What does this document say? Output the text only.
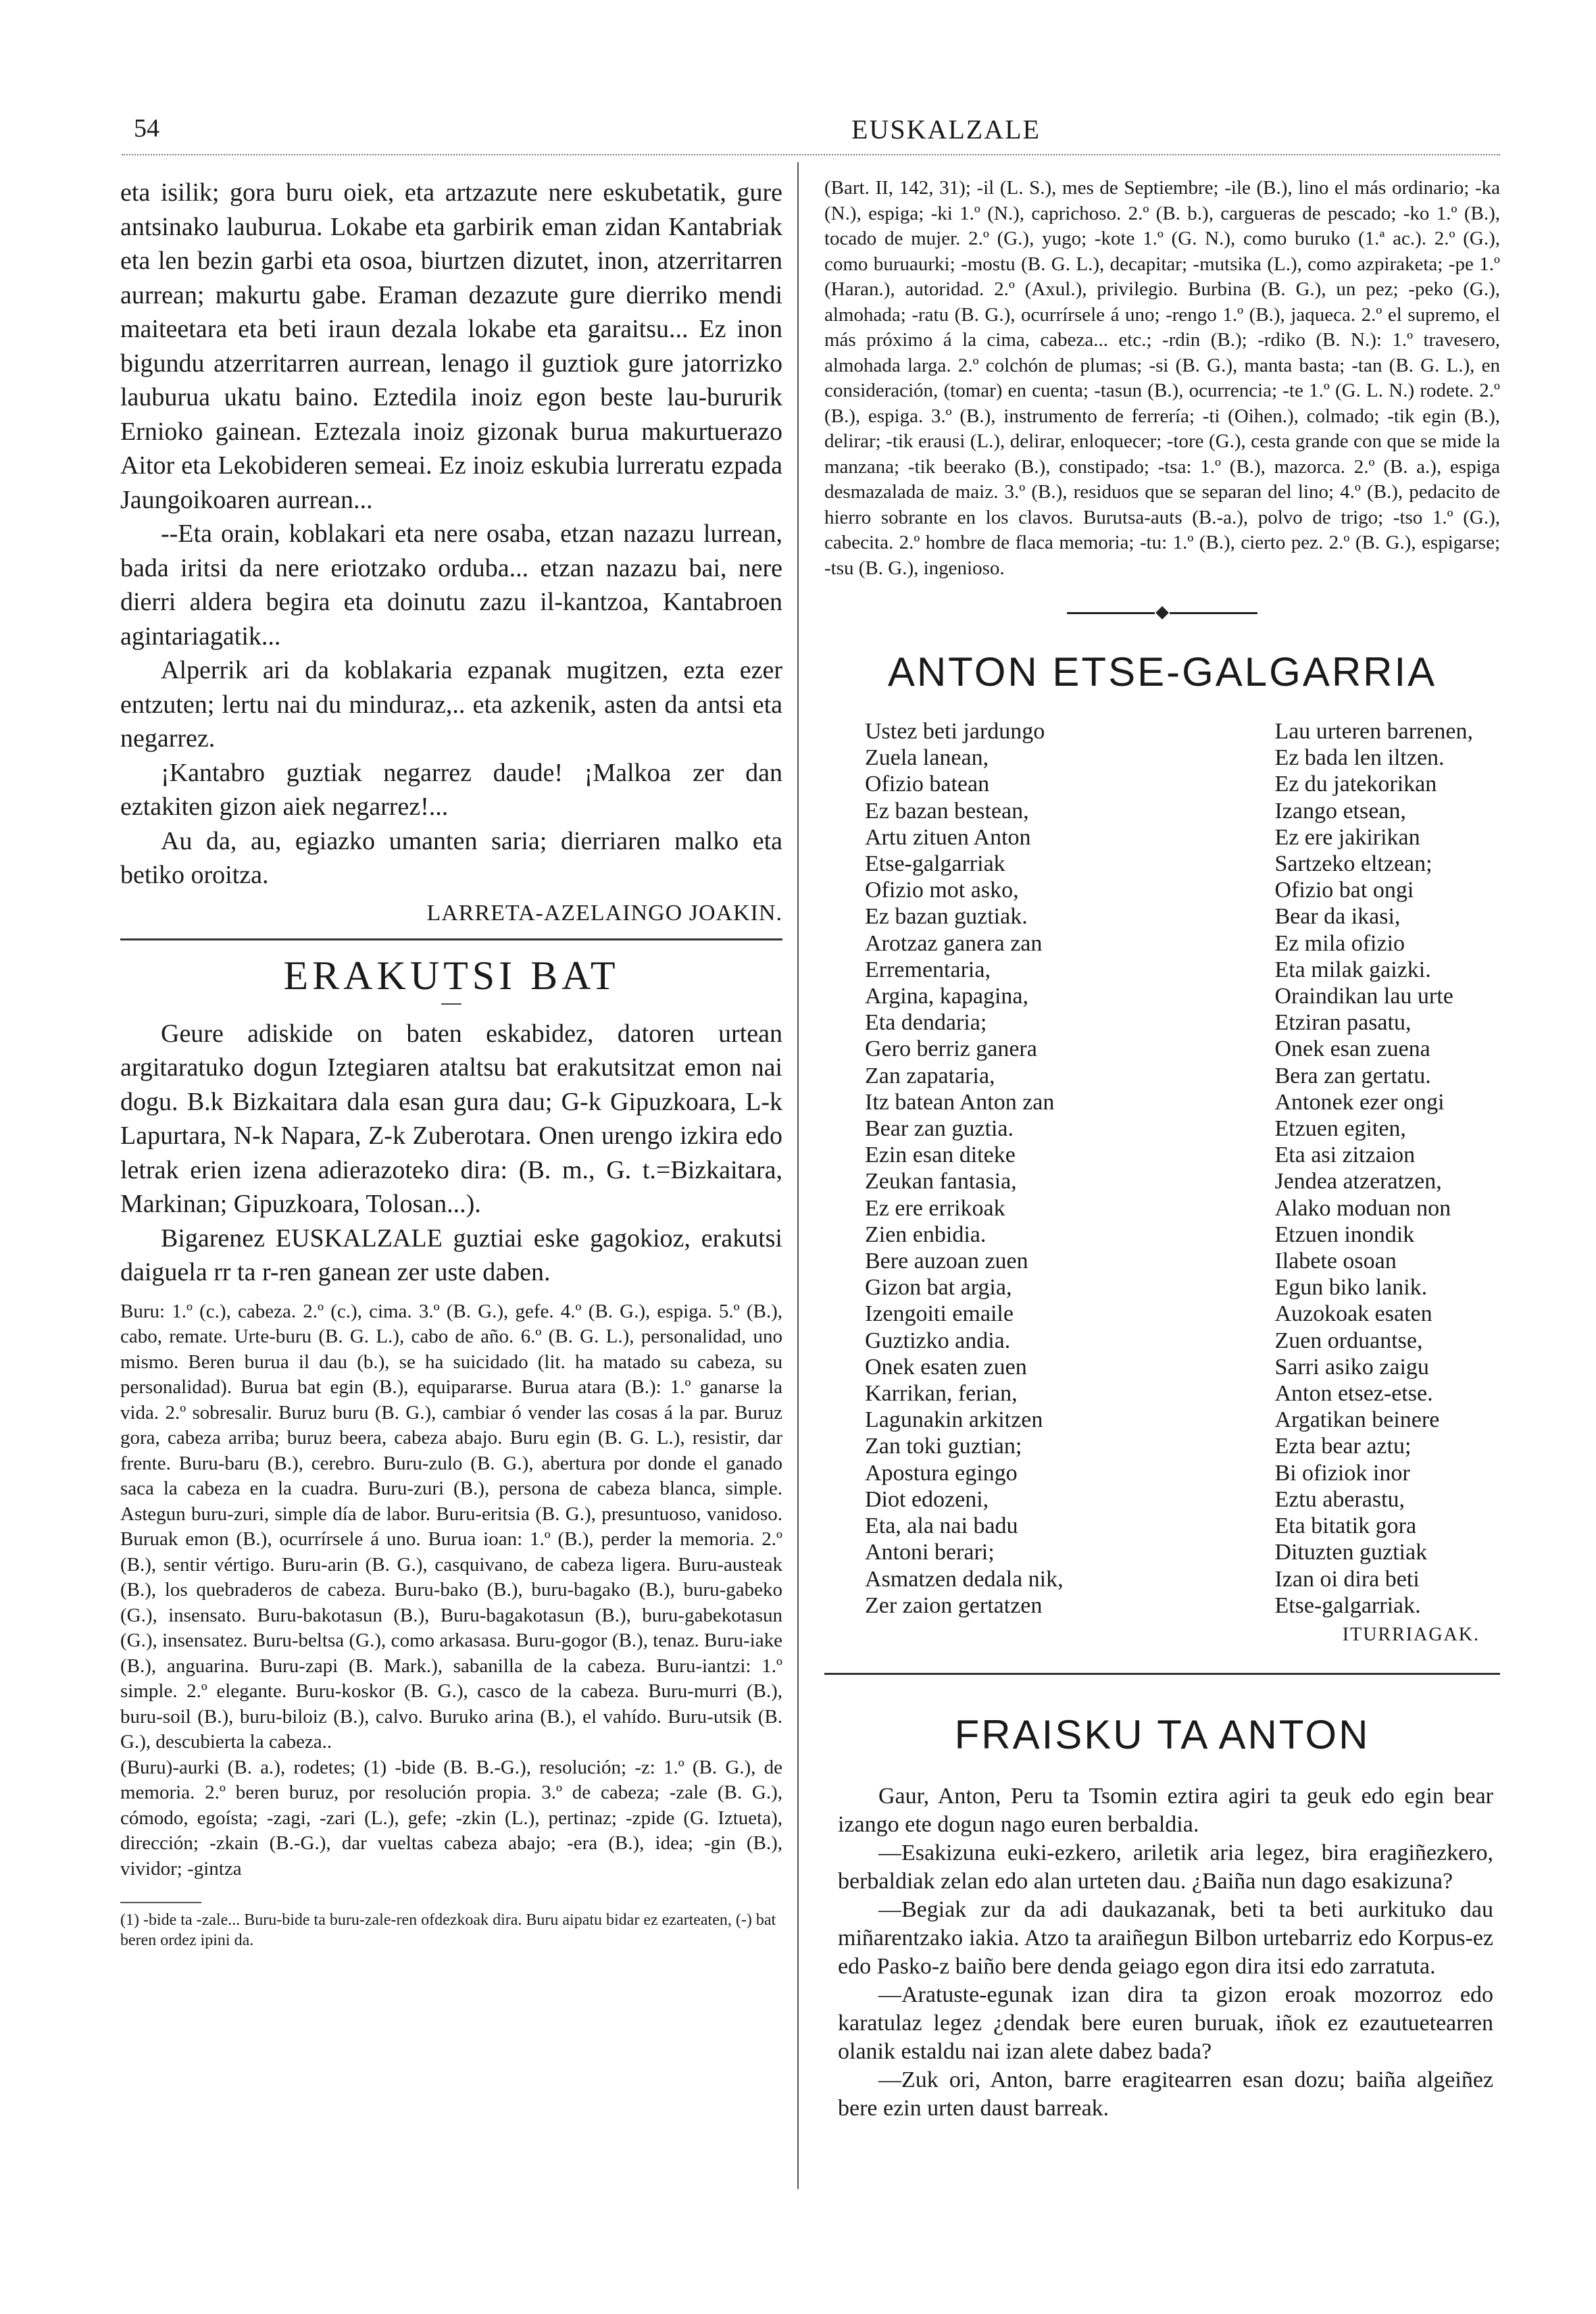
54	EUSKALZALE

eta isilik; gora buru oiek, eta artzazute nere eskubetatik, gure antsinako lauburua. Lokabe eta garbirik eman zidan Kantabriak eta len bezin garbi eta osoa, biurtzen dizutet, inon, atzerritarren aurrean; makurtu gabe. Eraman dezazute gure dierriko mendi maiteetara eta beti iraun dezala lokabe eta garaitsu... Ez inon bigundu atzerritarren aurrean, lenago il guztiok gure jatorrizko lauburua ukatu baino. Eztedila inoiz egon beste lau-bururik Ernioko gainean. Eztezala inoiz gizonak burua makurtuerazo Aitor eta Lekobideren semeai. Ez inoiz eskubia lurreratu ezpada Jaungoikoaren aurrean...

--Eta orain, koblakari eta nere osaba, etzan nazazu lurrean, bada iritsi da nere eriotzako orduba... etzan nazazu bai, nere dierri aldera begira eta doinutu zazu il-kantzoa, Kantabroen agintariagatik...

Alperrik ari da koblakaria ezpanak mugitzen, ezta ezer entzuten; lertu nai du minduraz,.. eta azkenik, asten da antsi eta negarrez.

¡Kantabro guztiak negarrez daude! ¡Malkoa zer dan eztakiten gizon aiek negarrez!...

Au da, au, egiazko umanten saria; dierriaren malko eta betiko oroitza.

LARRETA-AZELAINGO JOAKIN.
ERAKUTSI BAT

Geure adiskide on baten eskabidez, datoren urtean argitaratuko dogun Iztegiaren ataltsu bat erakutsitzat emon nai dogu. B.k Bizkaitara dala esan gura dau; G-k Gipuzkoara, L-k Lapurtara, N-k Napara, Z-k Zuberotara. Onen urengo izkira edo letrak erien izena adierazoteko dira: (B. m., G. t.=Bizkaitara, Markinan; Gipuzkoara, Tolosan...).

Bigarenez EUSKALZALE guztiai eske gagokioz, erakutsi daiguela rr ta r-ren ganean zer uste daben.

Buru: 1.º (c.), cabeza. 2.º (c.), cima. 3.º (B. G.), gefe. 4.º (B. G.), espiga. 5.º (B.), cabo, remate. Urte-buru (B. G. L.), cabo de año. 6.º (B. G. L.), personalidad, uno mismo. Beren burua il dau (b.), se ha suicidado (lit. ha matado su cabeza, su personalidad). Burua bat egin (B.), equipararse. Burua atara (B.): 1.º ganarse la vida. 2.º sobresalir. Buruz buru (B. G.), cambiar ó vender las cosas á la par. Buruz gora, cabeza arriba; buruz beera, cabeza abajo. Buru egin (B. G. L.), resistir, dar frente. Buru-baru (B.), cerebro. Buru-zulo (B. G.), abertura por donde el ganado saca la cabeza en la cuadra. Buru-zuri (B.), persona de cabeza blanca, simple. Astegun buru-zuri, simple día de labor. Buru-eritsia (B. G.), presuntuoso, vanidoso. Buruak emon (B.), ocurrírsele á uno. Burua ioan: 1.º (B.), perder la memoria. 2.º (B.), sentir vértigo. Buru-arin (B. G.), casquivano, de cabeza ligera. Buru-austeak (B.), los quebraderos de cabeza. Buru-bako (B.), buru-bagako (B.), buru-gabeko (G.), insensato. Buru-bakotasun (B.), Buru-bagakotasun (B.), buru-gabekotasun (G.), insensatez. Buru-beltsa (G.), como arkasasa. Buru-gogor (B.), tenaz. Buru-iake (B.), anguarina. Buru-zapi (B. Mark.), sabanilla de la cabeza. Buru-iantzi: 1.º simple. 2.º elegante. Buru-koskor (B. G.), casco de la cabeza. Buru-murri (B.), buru-soil (B.), buru-biloiz (B.), calvo. Buruko arina (B.), el vahído. Buru-utsik (B. G.), descubierta la cabeza..

(Buru)-aurki (B. a.), rodetes; (1) -bide (B. B.-G.), resolución; -z: 1.º (B. G.), de memoria. 2.º beren buruz, por resolución propia. 3.º de cabeza; -zale (B. G.), cómodo, egoísta; -zagi, -zari (L.), gefe; -zkin (L.), pertinaz; -zpide (G. Iztueta), dirección; -zkain (B.-G.), dar vueltas cabeza abajo; -era (B.), idea; -gin (B.), vividor; -gintza

(1) -bide ta -zale... Buru-bide ta buru-zale-ren ofdezkoak dira. Buru aipatu bidar ez ezarteaten, (-) bat beren ordez ipini da.

(Bart. II, 142, 31); -il (L. S.), mes de Septiembre; -ile (B.), lino el más ordinario; -ka (N.), espiga; -ki 1.º (N.), caprichoso. 2.º (B. b.), cargueras de pescado; -ko 1.º (B.), tocado de mujer. 2.º (G.), yugo; -kote 1.º (G. N.), como buruko (1.ª ac.). 2.º (G.), como buruaurki; -mostu (B. G. L.), decapitar; -mutsika (L.), como azpiraketa; -pe 1.º (Haran.), autoridad. 2.º (Axul.), privilegio. Burbina (B. G.), un pez; -peko (G.), almohada; -ratu (B. G.), ocurrírsele á uno; -rengo 1.º (B.), jaqueca. 2.º el supremo, el más próximo á la cima, cabeza... etc.; -rdin (B.); -rdiko (B. N.): 1.º travesero, almohada larga. 2.º colchón de plumas; -si (B. G.), manta basta; -tan (B. G. L.), en consideración, (tomar) en cuenta; -tasun (B.), ocurrencia; -te 1.º (G. L. N.) rodete. 2.º (B.), espiga. 3.º (B.), instrumento de ferrería; -ti (Oihen.), colmado; -tik egin (B.), delirar; -tik erausi (L.), delirar, enloquecer; -tore (G.), cesta grande con que se mide la manzana; -tik beerako (B.), constipado; -tsa: 1.º (B.), mazorca. 2.º (B. a.), espiga desmazalada de maiz. 3.º (B.), residuos que se separan del lino; 4.º (B.), pedacito de hierro sobrante en los clavos. Burutsa-auts (B.-a.), polvo de trigo; -tso 1.º (G.), cabecita. 2.º hombre de flaca memoria; -tu: 1.º (B.), cierto pez. 2.º (B. G.), espigarse; -tsu (B. G.), ingenioso.

ANTON ETSE-GALGARRIA
Ustez beti jardungo
Zuela lanean,
Ofizio batean
Ez bazan bestean,
Artu zituen Anton
Etse-galgarriak
Ofizio mot asko,
Ez bazan guztiak.
Arotzaz ganera zan
Errementaria,
Argina, kapagina,
Eta dendaria;
Gero berriz ganera
Zan zapataria,
Itz batean Anton zan
Bear zan guztia.
Ezin esan diteke
Zeukan fantasia,
Ez ere errikoak
Zien enbidia.
Bere auzoan zuen
Gizon bat argia,
Izengoiti emaile
Guztizko andia.
Onek esaten zuen
Karrikan, ferian,
Lagunakin arkitzen
Zan toki guztian;
Apostura egingo
Diot edozeni,
Eta, ala nai badu
Antoni berari;
Asmatzen dedala nik,
Zer zaion gertatzen
Lau urteren barrenen,
Ez bada len iltzen.
Ez du jatekorikan
Izango etsean,
Ez ere jakirikan
Sartzeko eltzean;
Ofizio bat ongi
Bear da ikasi,
Ez mila ofizio
Eta milak gaizki.
Oraindikan lau urte
Etziran pasatu,
Onek esan zuena
Bera zan gertatu.
Antonek ezer ongi
Etzuen egiten,
Eta asi zitzaion
Jendea atzeratzen,
Alako moduan non
Etzuen inondik
Ilabete osoan
Egun biko lanik.
Auzokoak esaten
Zuen orduantse,
Sarri asiko zaigu
Anton etsez-etse.
Argatikan beinere
Ezta bear aztu;
Bi ofiziok inor
Eztu aberastu,
Eta bitatik gora
Dituzten guztiak
Izan oi dira beti
Etse-galgarriak.
ITURRIAGAK.
FRAISKU TA ANTON

Gaur, Anton, Peru ta Tsomin eztira agiri ta geuk edo egin bear izango ete dogun nago euren berbaldia.

—Esakizuna euki-ezkero, ariletik aria legez, bira eragiñezkero, berbaldiak zelan edo alan urteten dau. ¿Baiña nun dago esakizuna?

—Begiak zur da adi daukazanak, beti ta beti aurkituko dau miñarentzako iakia. Atzo ta araiñegun Bilbon urtebarriz edo Korpus-ez edo Pasko-z baiño bere denda geiago egon dira itsi edo zarratuta.

—Aratuste-egunak izan dira ta gizon eroak mozorroz edo karatulaz legez ¿dendak bere euren buruak, iñok ez ezautuetearren olanik estaldu nai izan alete dabez bada?

—Zuk ori, Anton, barre eragitearren esan dozu; baiña algeiñez bere ezin urten daust barreak.
